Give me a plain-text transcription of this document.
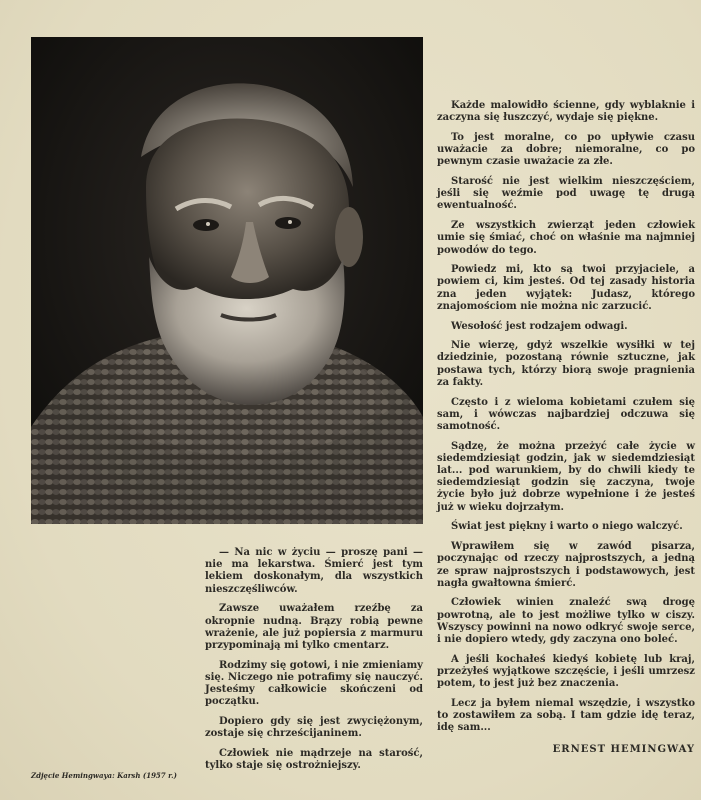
Zdjęcie Hemingwaya: Karsh (1957 r.)

Każde malowidło ścienne, gdy wyblaknie i zaczyna się łuszczyć, wydaje się piękne.

To jest moralne, co po upływie czasu uważacie za dobre; niemoralne, co po pewnym czasie uważacie za złe.

Starość nie jest wielkim nieszczęściem, jeśli się weźmie pod uwagę tę drugą ewentualność.

Ze wszystkich zwierząt jeden człowiek umie się śmiać, choć on właśnie ma najmniej powodów do tego.

Powiedz mi, kto są twoi przyjaciele, a powiem ci, kim jesteś. Od tej zasady historia zna jeden wyjątek: Judasz, którego znajomościom nie można nic zarzucić.

Wesołość jest rodzajem odwagi.

Nie wierzę, gdyż wszelkie wysiłki w tej dziedzinie, pozostaną równie sztuczne, jak postawa tych, którzy biorą swoje pragnienia za fakty.

Często i z wieloma kobietami czułem się sam, i wówczas najbardziej odczuwa się samotność.

Sądzę, że można przeżyć całe życie w siedemdziesiąt godzin, jak w siedemdziesiąt lat... pod warunkiem, by do chwili kiedy te siedemdziesiąt godzin się zaczyna, twoje życie było już dobrze wypełnione i że jesteś już w wieku dojrzałym.

Świat jest piękny i warto o niego walczyć.

Wprawiłem się w zawód pisarza, poczynając od rzeczy najprostszych, a jedną ze spraw najprostszych i podstawowych, jest nagła gwałtowna śmierć.

Człowiek winien znaleźć swą drogę powrotną, ale to jest możliwe tylko w ciszy. Wszyscy powinni na nowo odkryć swoje serce, i nie dopiero wtedy, gdy zaczyna ono boleć.

A jeśli kochałeś kiedyś kobietę lub kraj, przeżyłeś wyjątkowe szczęście, i jeśli umrzesz potem, to jest już bez znaczenia.

Lecz ja byłem niemal wszędzie, i wszystko to zostawiłem za sobą. I tam gdzie idę teraz, idę sam...

ERNEST HEMINGWAY

— Na nic w życiu — proszę pani — nie ma lekarstwa. Śmierć jest tym lekiem doskonałym, dla wszystkich nieszczęśliwców.

Zawsze uważałem rzeźbę za okropnie nudną. Brązy robią pewne wrażenie, ale już popiersia z marmuru przypominają mi tylko cmentarz.

Rodzimy się gotowi, i nie zmieniamy się. Niczego nie potrafimy się nauczyć. Jesteśmy całkowicie skończeni od początku.

Dopiero gdy się jest zwyciężonym, zostaje się chrześcijaninem.

Człowiek nie mądrzeje na starość, tylko staje się ostrożniejszy.
